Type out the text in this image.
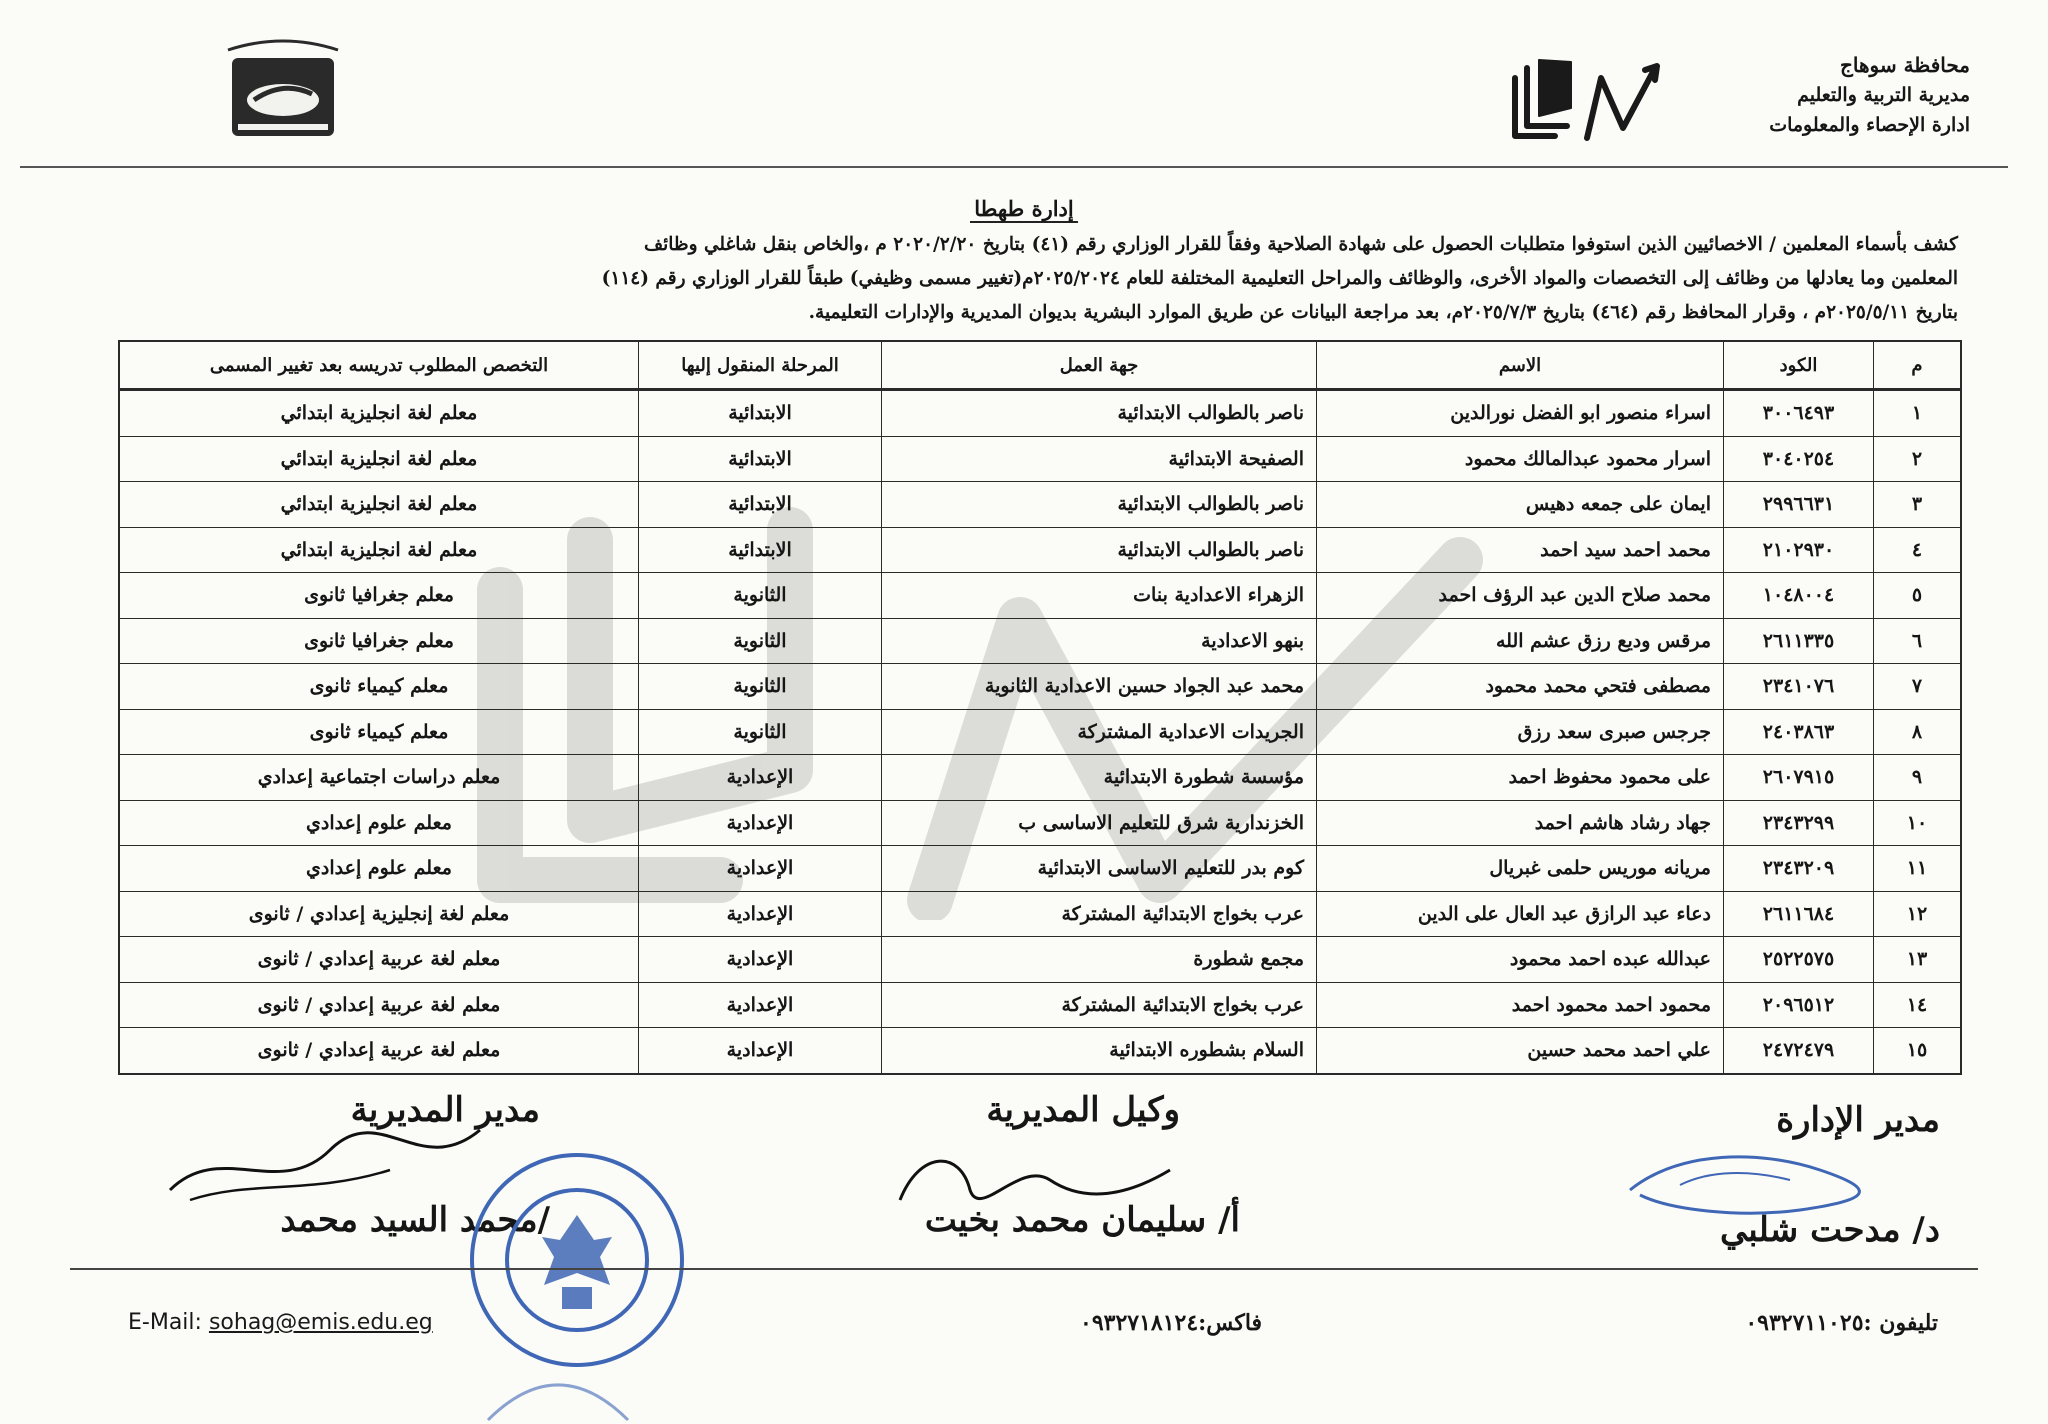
محافظة سوهاج
مديرية التربية والتعليم
ادارة الإحصاء والمعلومات
إدارة طهطا
كشف بأسماء المعلمين / الاخصائيين الذين استوفوا متطلبات الحصول على شهادة الصلاحية وفقاً للقرار الوزاري رقم (٤١) بتاريخ ٢٠٢٠/٢/٢٠ م ،والخاص بنقل شاغلي وظائف
المعلمين وما يعادلها من وظائف إلى التخصصات والمواد الأخرى، والوظائف والمراحل التعليمية المختلفة للعام ٢٠٢٥/٢٠٢٤م(تغيير مسمى وظيفي) طبقاً للقرار الوزاري رقم (١١٤)
بتاريخ ٢٠٢٥/٥/١١م ، وقرار المحافظ رقم (٤٦٤) بتاريخ ٢٠٢٥/٧/٣م، بعد مراجعة البيانات عن طريق الموارد البشرية بديوان المديرية والإدارات التعليمية.
م	الكود	الاسم	جهة العمل	المرحلة المنقول إليها	التخصص المطلوب تدريسه بعد تغيير المسمى
١	٣٠٠٦٤٩٣	اسراء منصور ابو الفضل نورالدين	ناصر بالطوالب الابتدائية	الابتدائية	معلم لغة انجليزية ابتدائي
٢	٣٠٤٠٢٥٤	اسرار محمود عبدالمالك محمود	الصفيحة الابتدائية	الابتدائية	معلم لغة انجليزية ابتدائي
٣	٢٩٩٦٦٣١	ايمان على جمعه دهيس	ناصر بالطوالب الابتدائية	الابتدائية	معلم لغة انجليزية ابتدائي
٤	٢١٠٢٩٣٠	محمد احمد سيد احمد	ناصر بالطوالب الابتدائية	الابتدائية	معلم لغة انجليزية ابتدائي
٥	١٠٤٨٠٠٤	محمد صلاح الدين عبد الرؤف احمد	الزهراء الاعدادية بنات	الثانوية	معلم جغرافيا ثانوى
٦	٢٦١١٣٣٥	مرقس وديع رزق عشم الله	بنهو الاعدادية	الثانوية	معلم جغرافيا ثانوى
٧	٢٣٤١٠٧٦	مصطفى فتحي محمد محمود	محمد عبد الجواد حسين الاعدادية الثانوية	الثانوية	معلم كيمياء ثانوى
٨	٢٤٠٣٨٦٣	جرجس صبرى سعد رزق	الجريدات الاعدادية المشتركة	الثانوية	معلم كيمياء ثانوى
٩	٢٦٠٧٩١٥	على محمود محفوظ احمد	مؤسسة شطورة الابتدائية	الإعدادية	معلم دراسات اجتماعية إعدادي
١٠	٢٣٤٣٢٩٩	جهاد رشاد هاشم احمد	الخزندارية شرق للتعليم الاساسى ب	الإعدادية	معلم علوم إعدادي
١١	٢٣٤٣٢٠٩	مريانه موريس حلمى غبريال	كوم بدر للتعليم الاساسى الابتدائية	الإعدادية	معلم علوم إعدادي
١٢	٢٦١١٦٨٤	دعاء عبد الرازق عبد العال على الدين	عرب بخواج الابتدائية المشتركة	الإعدادية	معلم لغة إنجليزية إعدادي / ثانوى
١٣	٢٥٢٢٥٧٥	عبدالله عبده احمد محمود	مجمع شطورة	الإعدادية	معلم لغة عربية إعدادي / ثانوى
١٤	٢٠٩٦٥١٢	محمود احمد محمود احمد	عرب بخواج الابتدائية المشتركة	الإعدادية	معلم لغة عربية إعدادي / ثانوى
١٥	٢٤٧٢٤٧٩	علي احمد محمد حسين	السلام بشطوره الابتدائية	الإعدادية	معلم لغة عربية إعدادي / ثانوى
مدير المديرية
/محمد السيد محمد
وكيل المديرية
أ/ سليمان محمد بخيت
مدير الإدارة
د/ مدحت شلبي
E-Mail: sohag@emis.edu.eg	فاكس:٠٩٣٢٧١٨١٢٤	تليفون :٠٩٣٢٧١١٠٢٥
